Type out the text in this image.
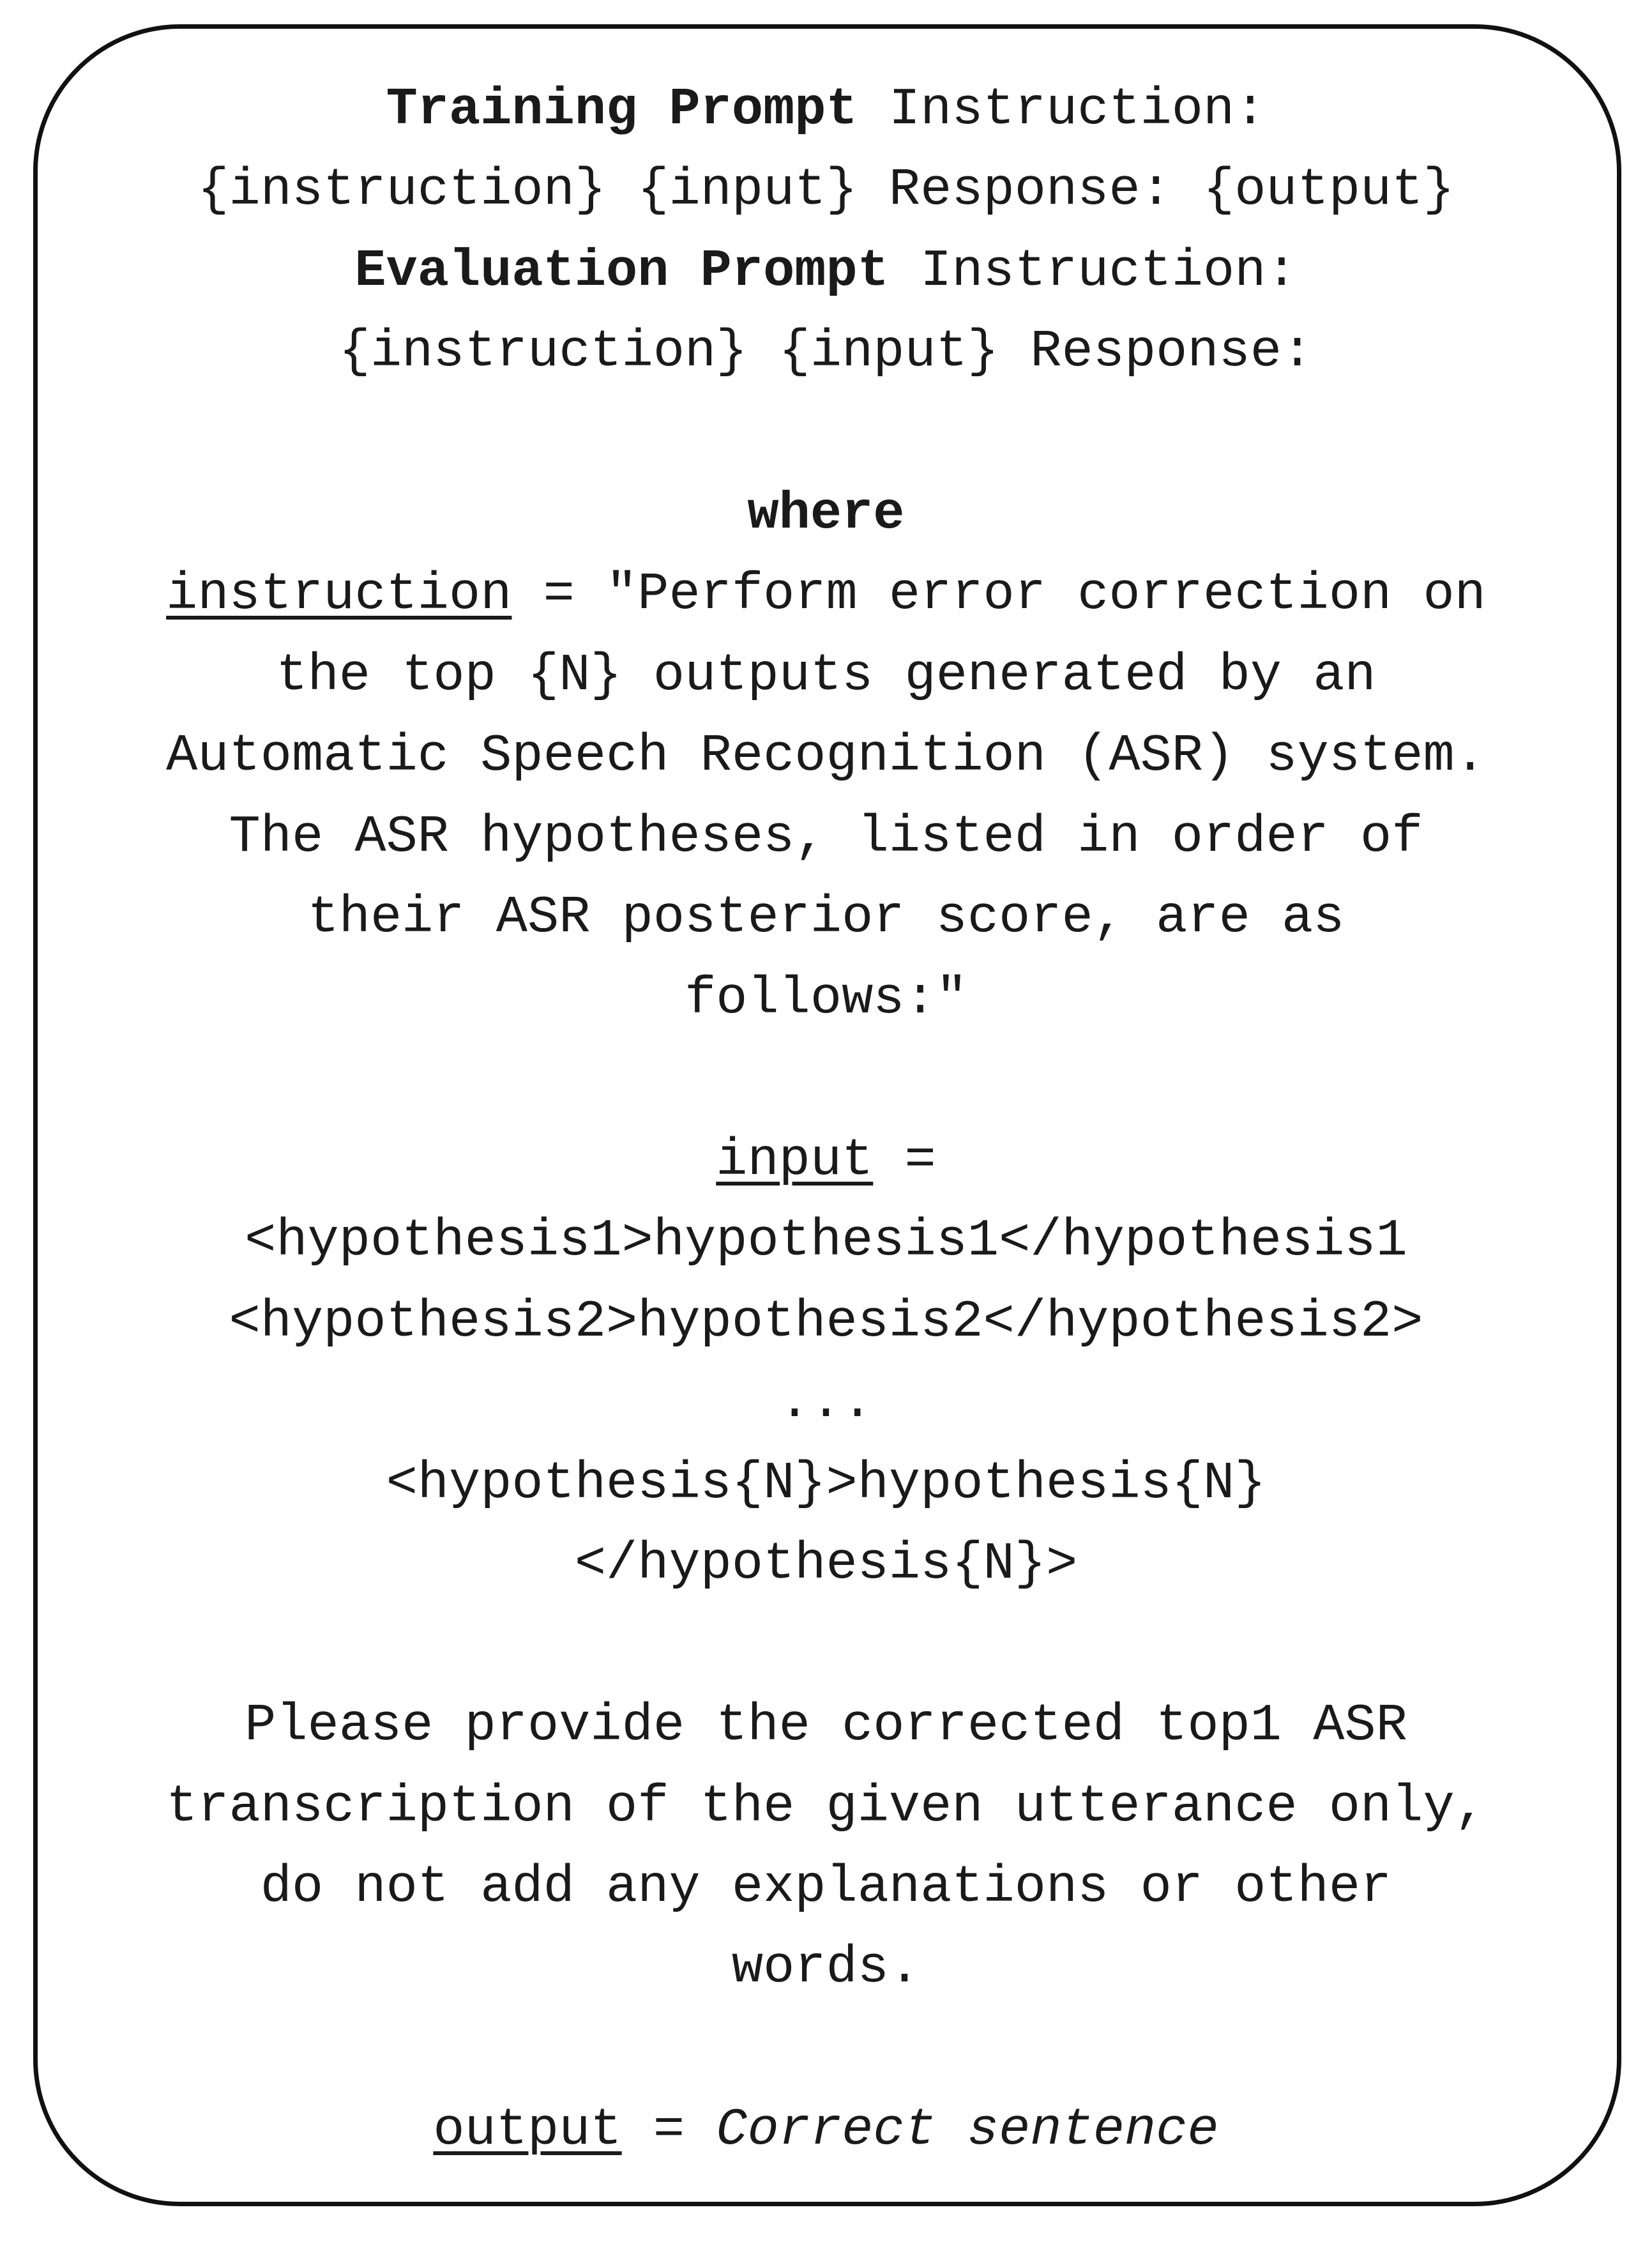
Training Prompt Instruction:
{instruction} {input} Response: {output}
Evaluation Prompt Instruction:
{instruction} {input} Response:
where
instruction = "Perform error correction on
the top {N} outputs generated by an
Automatic Speech Recognition (ASR) system.
The ASR hypotheses, listed in order of
their ASR posterior score, are as
follows:"
input =
<hypothesis1>hypothesis1</hypothesis1
<hypothesis2>hypothesis2</hypothesis2>
...
<hypothesis{N}>hypothesis{N}
</hypothesis{N}>
Please provide the corrected top1 ASR
transcription of the given utterance only,
do not add any explanations or other
words.
output = Correct sentence
